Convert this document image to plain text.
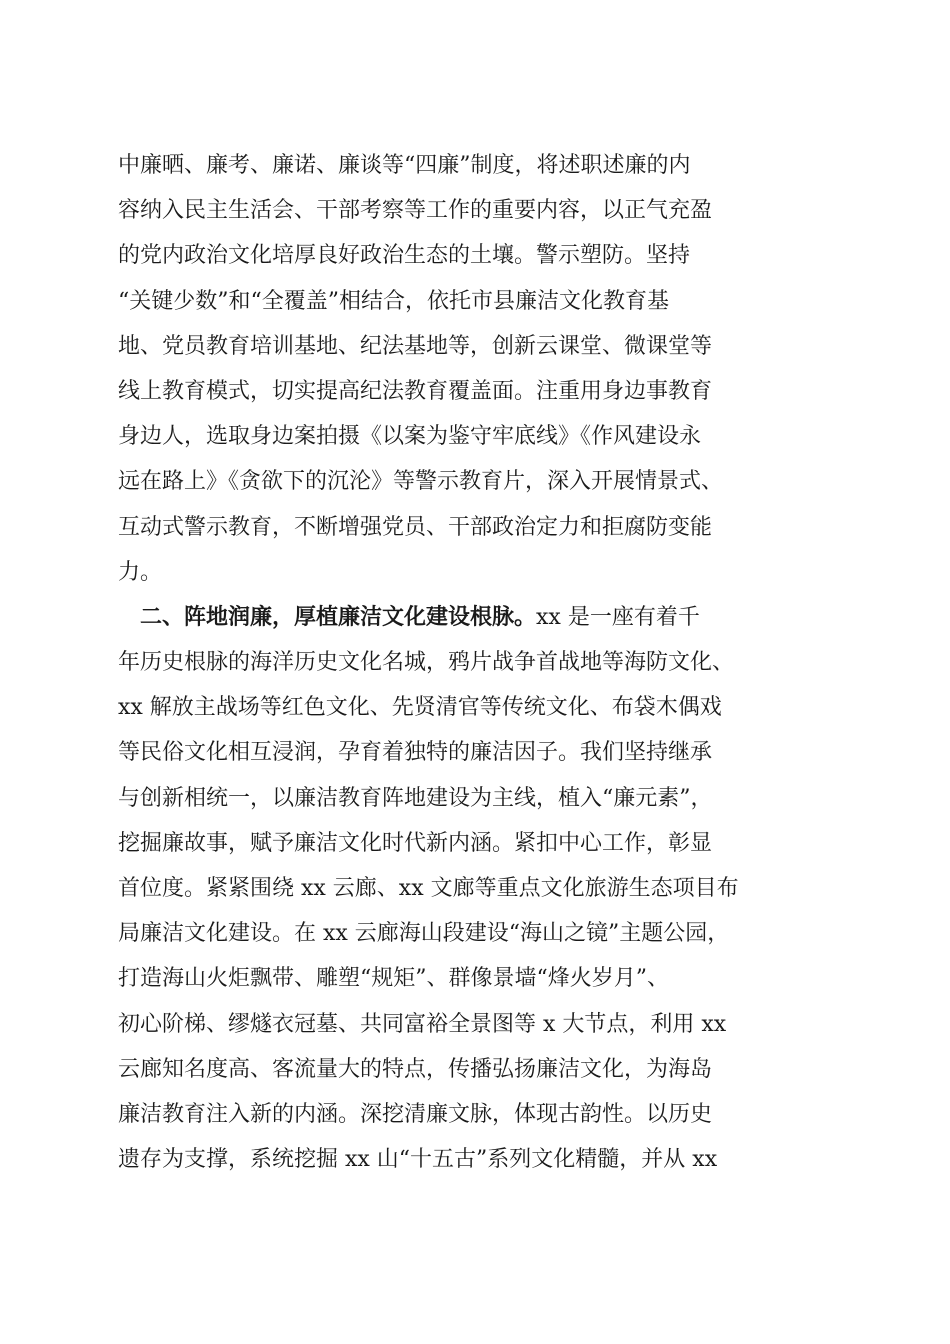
中廉晒、廉考、廉诺、廉谈等“四廉”制度，将述职述廉的内
容纳入民主生活会、干部考察等工作的重要内容，以正气充盈
的党内政治文化培厚良好政治生态的土壤。警示塑防。坚持
“关键少数”和“全覆盖”相结合，依托市县廉洁文化教育基
地、党员教育培训基地、纪法基地等，创新云课堂、微课堂等
线上教育模式，切实提高纪法教育覆盖面。注重用身边事教育
身边人，选取身边案拍摄《以案为鉴守牢底线》《作风建设永
远在路上》《贪欲下的沉沦》等警示教育片，深入开展情景式、
互动式警示教育，不断增强党员、干部政治定力和拒腐防变能
力。
二、阵地润廉，厚植廉洁文化建设根脉。xx 是一座有着千
年历史根脉的海洋历史文化名城，鸦片战争首战地等海防文化、
xx 解放主战场等红色文化、先贤清官等传统文化、布袋木偶戏
等民俗文化相互浸润，孕育着独特的廉洁因子。我们坚持继承
与创新相统一，以廉洁教育阵地建设为主线，植入“廉元素”，
挖掘廉故事，赋予廉洁文化时代新内涵。紧扣中心工作，彰显
首位度。紧紧围绕 xx 云廊、xx 文廊等重点文化旅游生态项目布
局廉洁文化建设。在 xx 云廊海山段建设“海山之镜”主题公园，
打造海山火炬飘带、雕塑“规矩”、群像景墙“烽火岁月”、
初心阶梯、缪燧衣冠墓、共同富裕全景图等 x 大节点，利用 xx
云廊知名度高、客流量大的特点，传播弘扬廉洁文化，为海岛
廉洁教育注入新的内涵。深挖清廉文脉，体现古韵性。以历史
遗存为支撑，系统挖掘 xx 山“十五古”系列文化精髓，并从 xx
